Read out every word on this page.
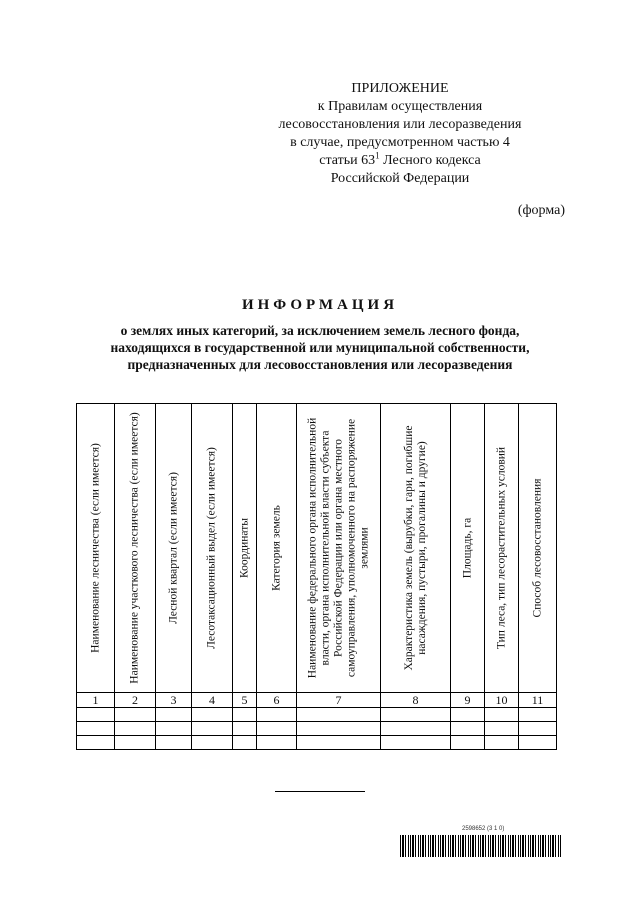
ПРИЛОЖЕНИЕ
к Правилам осуществления
лесовосстановления или лесоразведения
в случае, предусмотренном частью 4
статьи $63^1$ Лесного кодекса
Российской Федерации
(форма)
ИНФОРМАЦИЯ
о землях иных категорий, за исключением земель лесного фонда,
находящихся в государственной или муниципальной собственности,
предназначенных для лесовосстановления или лесоразведения
Наименование лесничества (если имеется)	Наименование участкового лесничества (если имеется)	Лесной квартал (если имеется)	Лесотаксационный выдел (если имеется)	Координаты	Категория земель	Наименование федерального органа исполнительной власти, органа исполнительной власти субъекта Российской Федерации или органа местного самоуправления, уполномоченного на распоряжение землями	Характеристика земель (вырубки, гари, погибшие насаждения, пустыри, прогалины и другие)	Площадь, га	Тип леса, тип лесорастительных условий	Способ лесовосстановления

1	2	3	4	5	6	7	8	9	10	11

2598652 (3 1 0)
